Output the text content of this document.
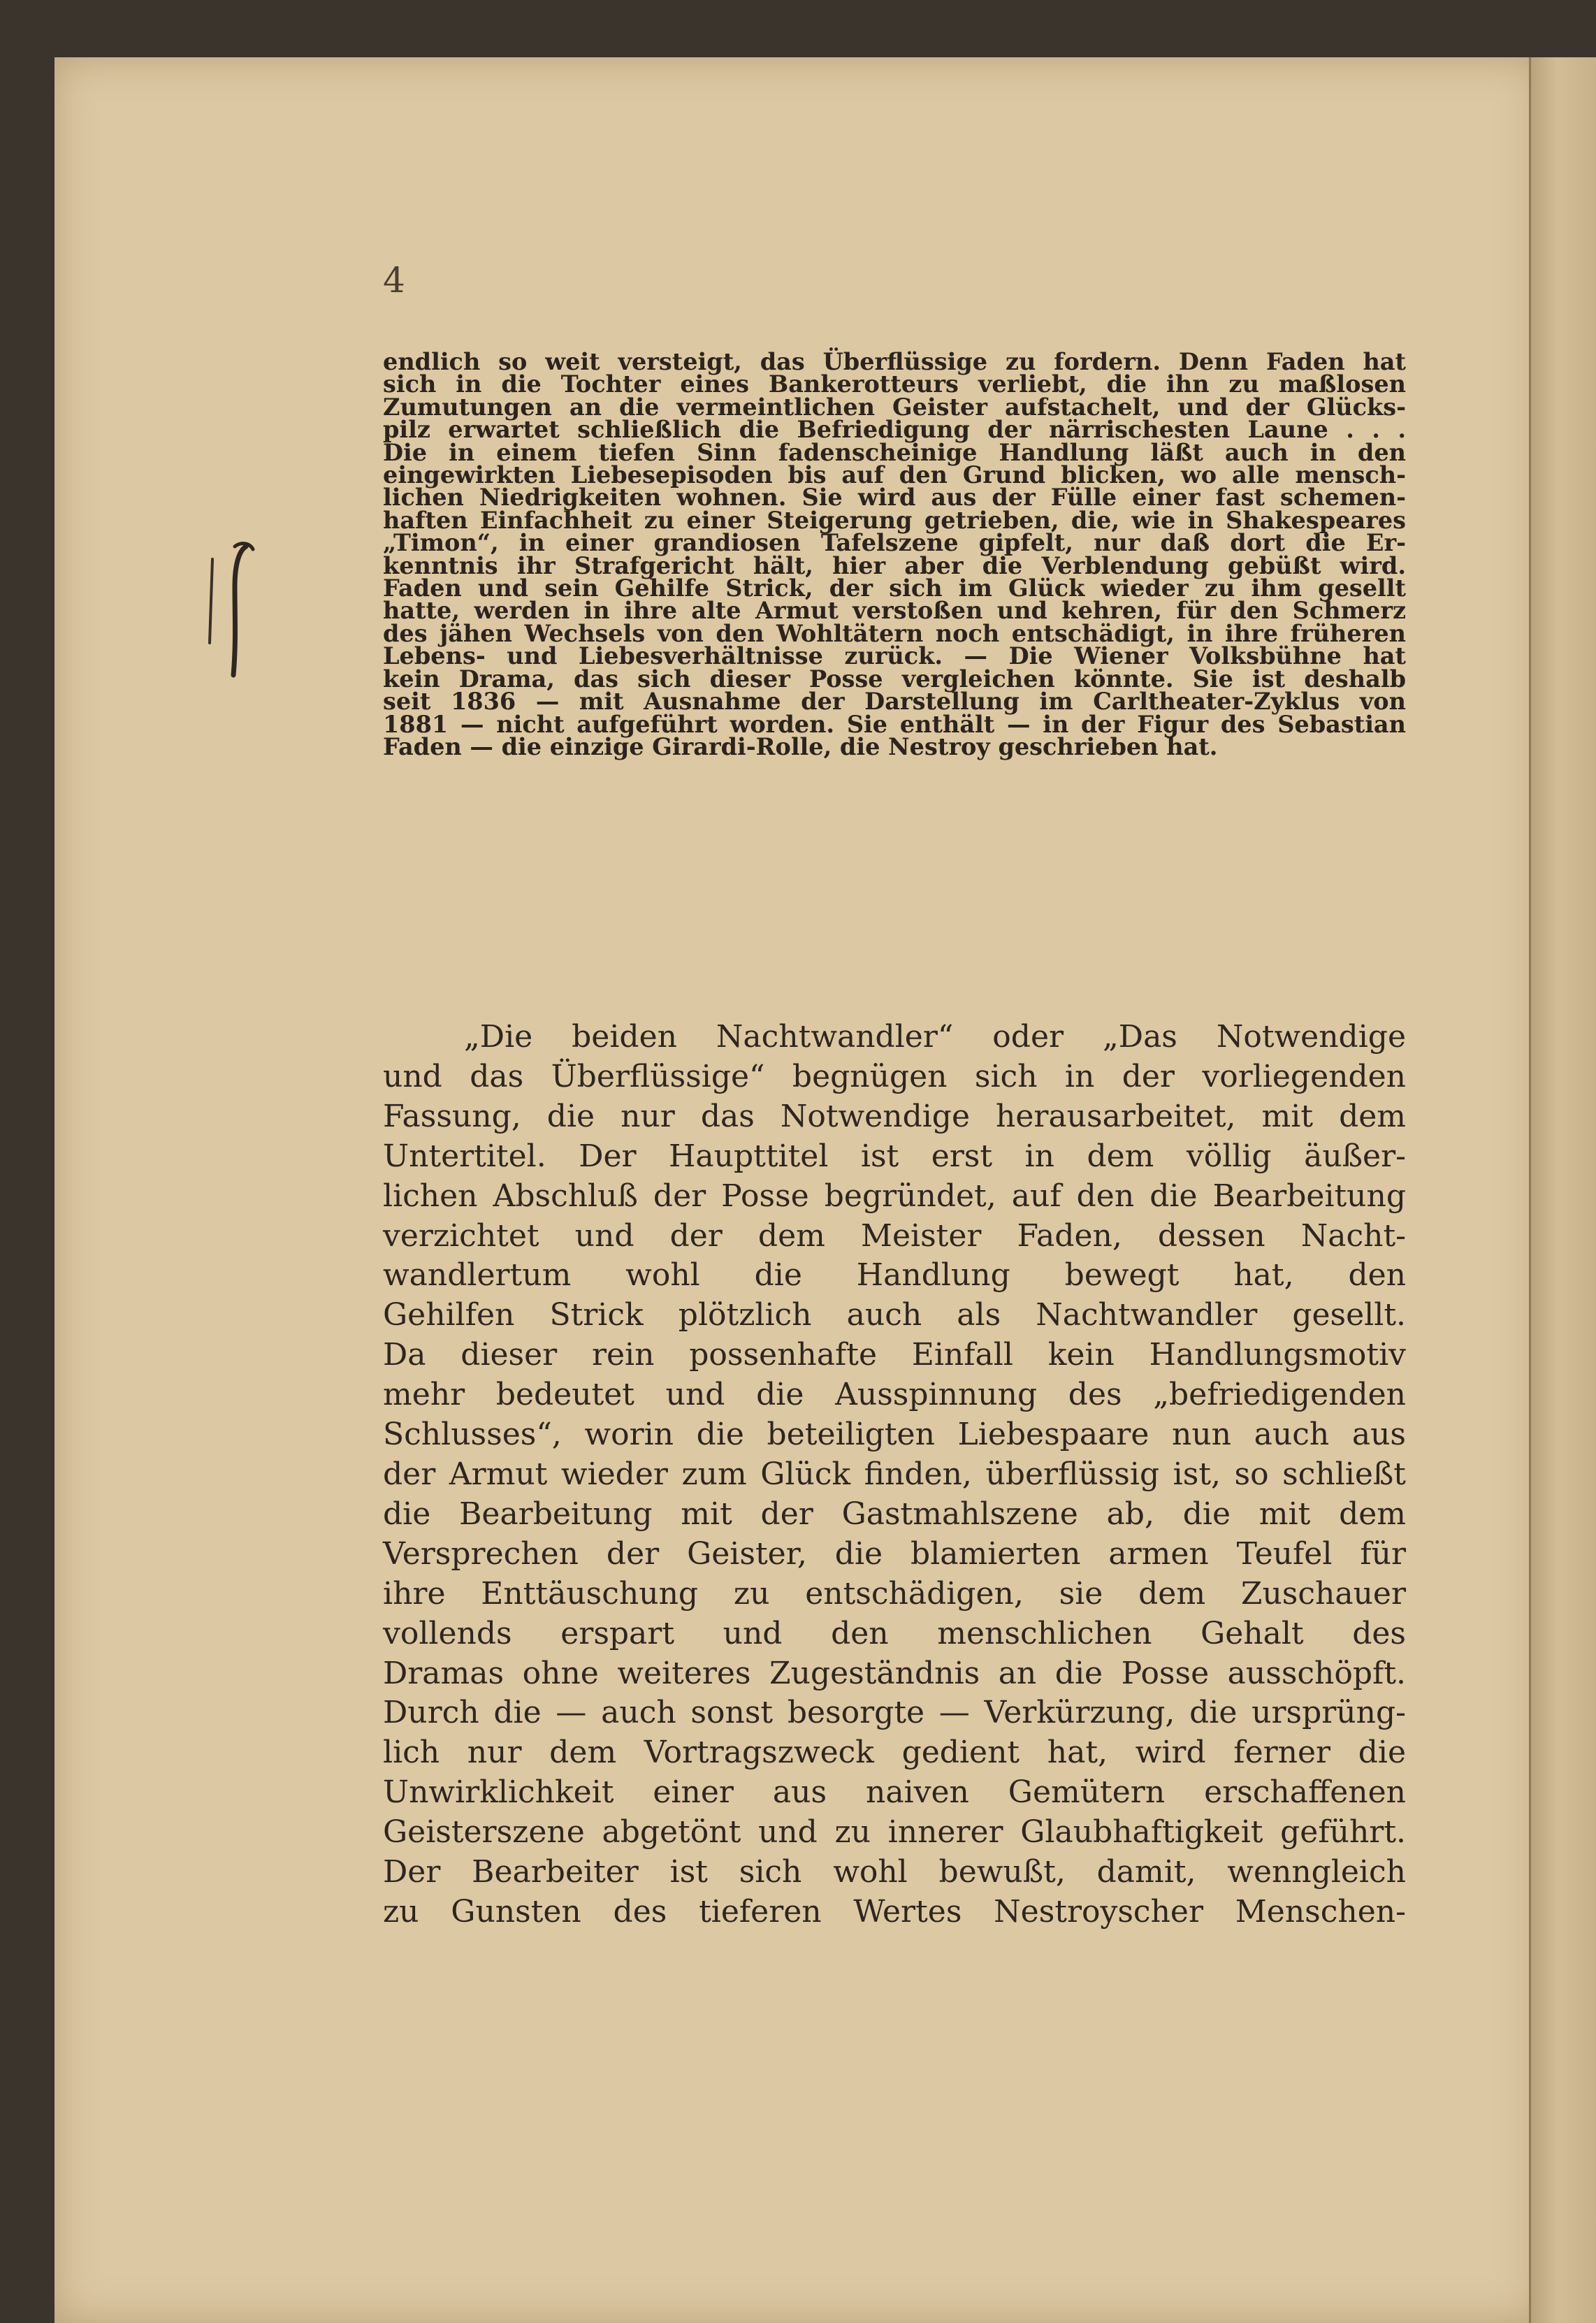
4
endlich so weit versteigt, das Überflüssige zu fordern. Denn Faden hat
sich in die Tochter eines Bankerotteurs verliebt, die ihn zu maßlosen
Zumutungen an die vermeintlichen Geister aufstachelt, und der Glücks-
pilz erwartet schließlich die Befriedigung der närrischesten Laune . . .
Die in einem tiefen Sinn fadenscheinige Handlung läßt auch in den
eingewirkten Liebesepisoden bis auf den Grund blicken, wo alle mensch-
lichen Niedrigkeiten wohnen. Sie wird aus der Fülle einer fast schemen-
haften Einfachheit zu einer Steigerung getrieben, die, wie in Shakespeares
„Timon“, in einer grandiosen Tafelszene gipfelt, nur daß dort die Er-
kenntnis ihr Strafgericht hält, hier aber die Verblendung gebüßt wird.
Faden und sein Gehilfe Strick, der sich im Glück wieder zu ihm gesellt
hatte, werden in ihre alte Armut verstoßen und kehren, für den Schmerz
des jähen Wechsels von den Wohltätern noch entschädigt, in ihre früheren
Lebens- und Liebesverhältnisse zurück. — Die Wiener Volksbühne hat
kein Drama, das sich dieser Posse vergleichen könnte. Sie ist deshalb
seit 1836 — mit Ausnahme der Darstellung im Carltheater-Zyklus von
1881 — nicht aufgeführt worden. Sie enthält — in der Figur des Sebastian
Faden — die einzige Girardi-Rolle, die Nestroy geschrieben hat.
„Die beiden Nachtwandler“ oder „Das Notwendige
und das Überflüssige“ begnügen sich in der vorliegenden
Fassung, die nur das Notwendige herausarbeitet, mit dem
Untertitel. Der Haupttitel ist erst in dem völlig äußer-
lichen Abschluß der Posse begründet, auf den die Bearbeitung
verzichtet und der dem Meister Faden, dessen Nacht-
wandlertum wohl die Handlung bewegt hat, den
Gehilfen Strick plötzlich auch als Nachtwandler gesellt.
Da dieser rein possenhafte Einfall kein Handlungsmotiv
mehr bedeutet und die Ausspinnung des „befriedigenden
Schlusses“, worin die beteiligten Liebespaare nun auch aus
der Armut wieder zum Glück finden, überflüssig ist, so schließt
die Bearbeitung mit der Gastmahlszene ab, die mit dem
Versprechen der Geister, die blamierten armen Teufel für
ihre Enttäuschung zu entschädigen, sie dem Zuschauer
vollends erspart und den menschlichen Gehalt des
Dramas ohne weiteres Zugeständnis an die Posse ausschöpft.
Durch die — auch sonst besorgte — Verkürzung, die ursprüng-
lich nur dem Vortragszweck gedient hat, wird ferner die
Unwirklichkeit einer aus naiven Gemütern erschaffenen
Geisterszene abgetönt und zu innerer Glaubhaftigkeit geführt.
Der Bearbeiter ist sich wohl bewußt, damit, wenngleich
zu Gunsten des tieferen Wertes Nestroyscher Menschen-
